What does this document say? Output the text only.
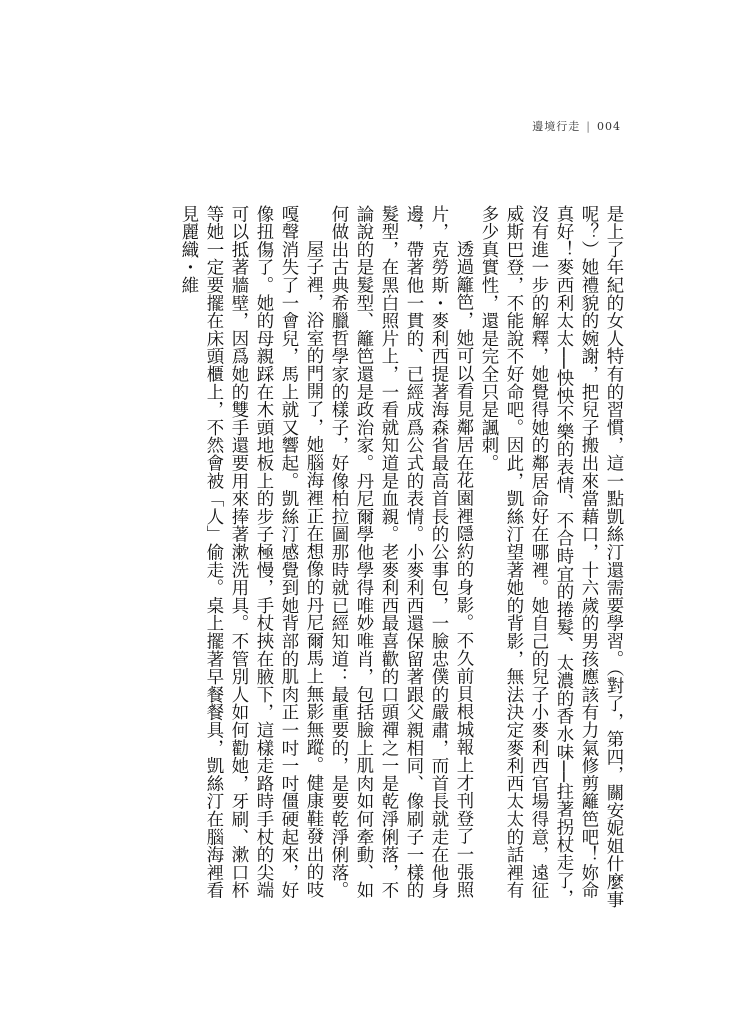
邊境行走 | 004

是上了年紀的女人特有的習慣，這一點凱絲汀還需要學習。（對了，第四，關安妮姐什麼事呢？）她禮貌的婉謝，把兒子搬出來當藉口，十六歲的男孩應該有力氣修剪籬笆吧！妳命真好！麥西利太太──怏怏不樂的表情、不合時宜的捲髮、太濃的香水味──拄著拐杖走了，沒有進一步的解釋，她覺得她的鄰居命好在哪裡。她自己的兒子小麥利西官場得意，遠征威斯巴登，不能說不好命吧。因此，凱絲汀望著她的背影，無法決定麥利西太太的話裡有多少真實性，還是完全只是諷刺。

透過籬笆，她可以看見鄰居在花園裡隱約的身影。不久前貝根城報上才刊登了一張照片，克勞斯・麥利西提著海森省最高首長的公事包，一臉忠僕的嚴肅，而首長就走在他身邊，帶著他一貫的、已經成爲公式的表情。小麥利西還保留著跟父親相同、像刷子一樣的髮型，在黑白照片上，一看就知道是血親。老麥利西最喜歡的口頭禪之一是乾淨俐落，不論說的是髮型、籬笆還是政治家。丹尼爾學他學得唯妙唯肖，包括臉上肌肉如何牽動、如何做出古典希臘哲學家的樣子，好像柏拉圖那時就已經知道：最重要的，是要乾淨俐落。

屋子裡，浴室的門開了，她腦海裡正在想像的丹尼爾馬上無影無蹤。健康鞋發出的吱嘎聲消失了一會兒，馬上就又響起。凱絲汀感覺到她背部的肌肉正一吋一吋僵硬起來，好像扭傷了。她的母親踩在木頭地板上的步子極慢，手杖挾在腋下，這樣走路時手杖的尖端可以抵著牆壁，因爲她的雙手還要用來捧著漱洗用具。不管別人如何勸她，牙刷、漱口杯等她一定要擺在床頭櫃上，不然會被「人」偷走。桌上擺著早餐餐具，凱絲汀在腦海裡看見麗織・維
